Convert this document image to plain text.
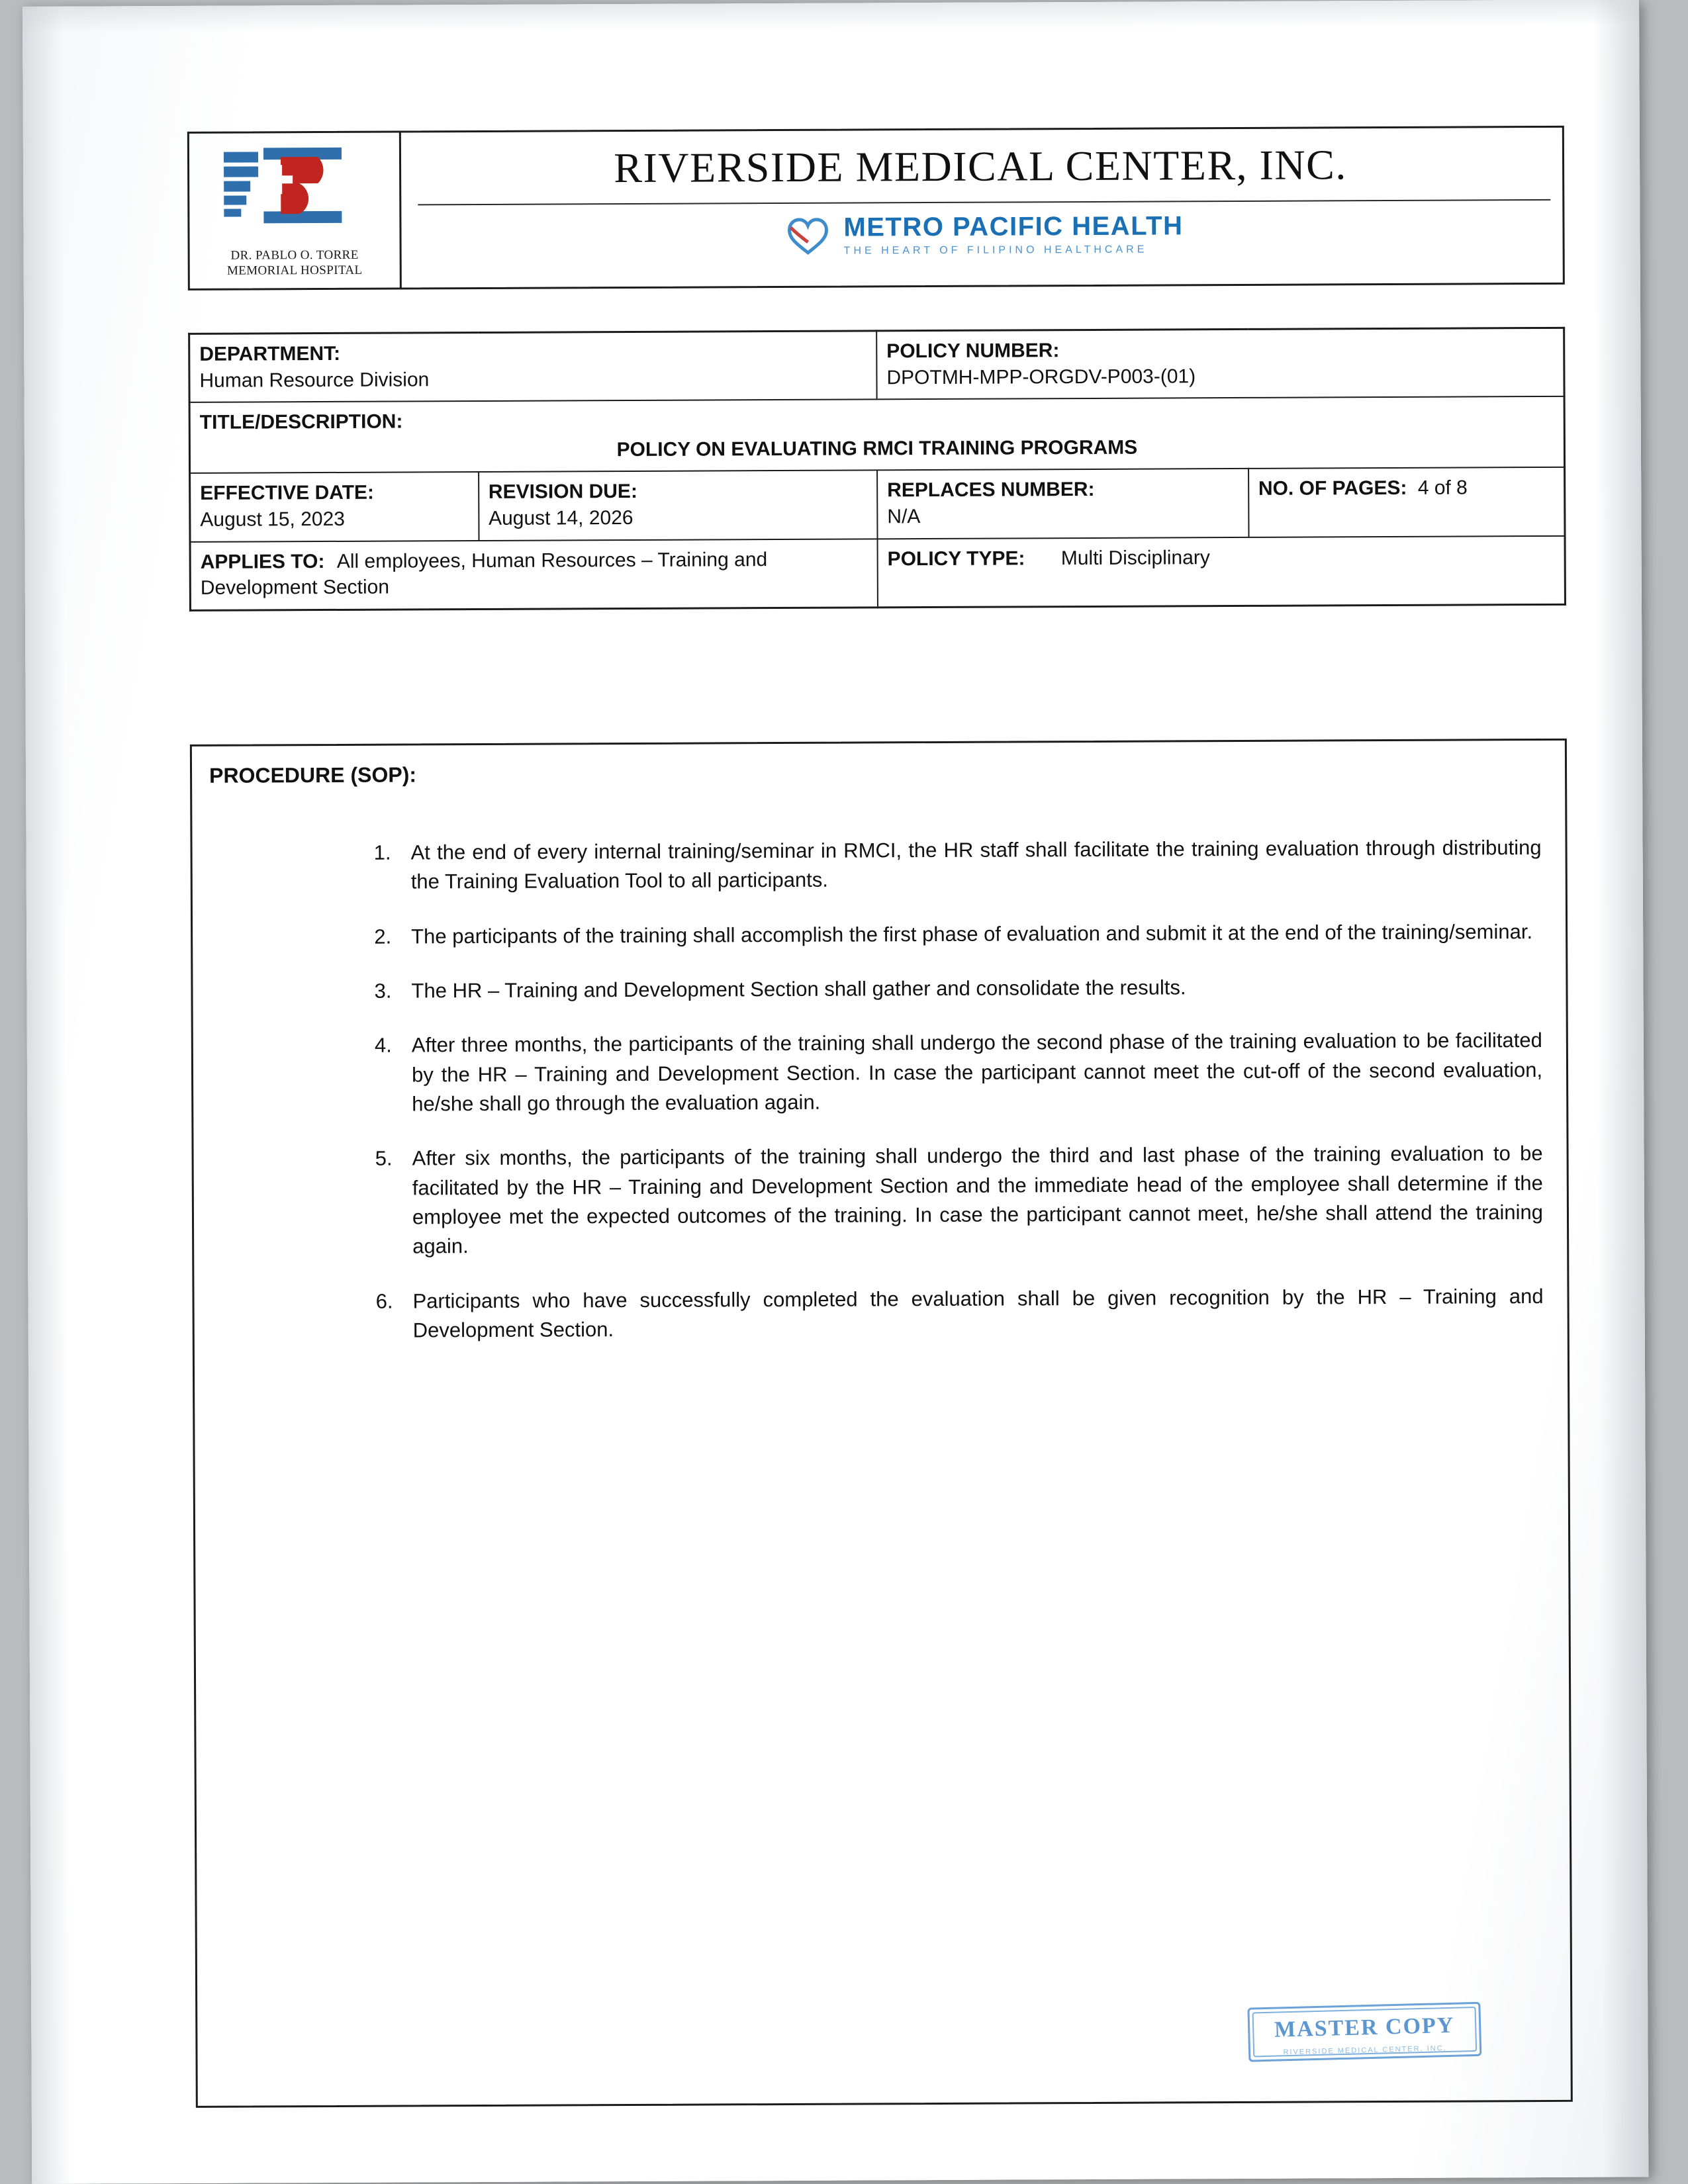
DR. PABLO O. TORRE
MEMORIAL HOSPITAL
RIVERSIDE MEDICAL CENTER, INC.
METRO PACIFIC HEALTH
THE HEART OF FILIPINO HEALTHCARE
DEPARTMENT:
Human Resource Division

POLICY NUMBER:
DPOTMH-MPP-ORGDV-P003-(01)

TITLE/DESCRIPTION:
POLICY ON EVALUATING RMCI TRAINING PROGRAMS			

EFFECTIVE DATE:
August 15, 2023

REVISION DUE:
August 14, 2026

REPLACES NUMBER:
N/A
	NO. OF PAGES: 4 of 8
APPLIES TO: All employees, Human Resources – Training and Development Section		POLICY TYPE: Multi Disciplinary	
PROCEDURE (SOP):
1. At the end of every internal training/seminar in RMCI, the HR staff shall facilitate the training evaluation through distributing the Training Evaluation Tool to all participants.
2. The participants of the training shall accomplish the first phase of evaluation and submit it at the end of the training/seminar.
3. The HR – Training and Development Section shall gather and consolidate the results.
4. After three months, the participants of the training shall undergo the second phase of the training evaluation to be facilitated by the HR – Training and Development Section. In case the participant cannot meet the cut-off of the second evaluation, he/she shall go through the evaluation again.
5. After six months, the participants of the training shall undergo the third and last phase of the training evaluation to be facilitated by the HR – Training and Development Section and the immediate head of the employee shall determine if the employee met the expected outcomes of the training. In case the participant cannot meet, he/she shall attend the training again.
6. Participants who have successfully completed the evaluation shall be given recognition by the HR – Training and Development Section.
MASTER COPY
RIVERSIDE MEDICAL CENTER, INC.
